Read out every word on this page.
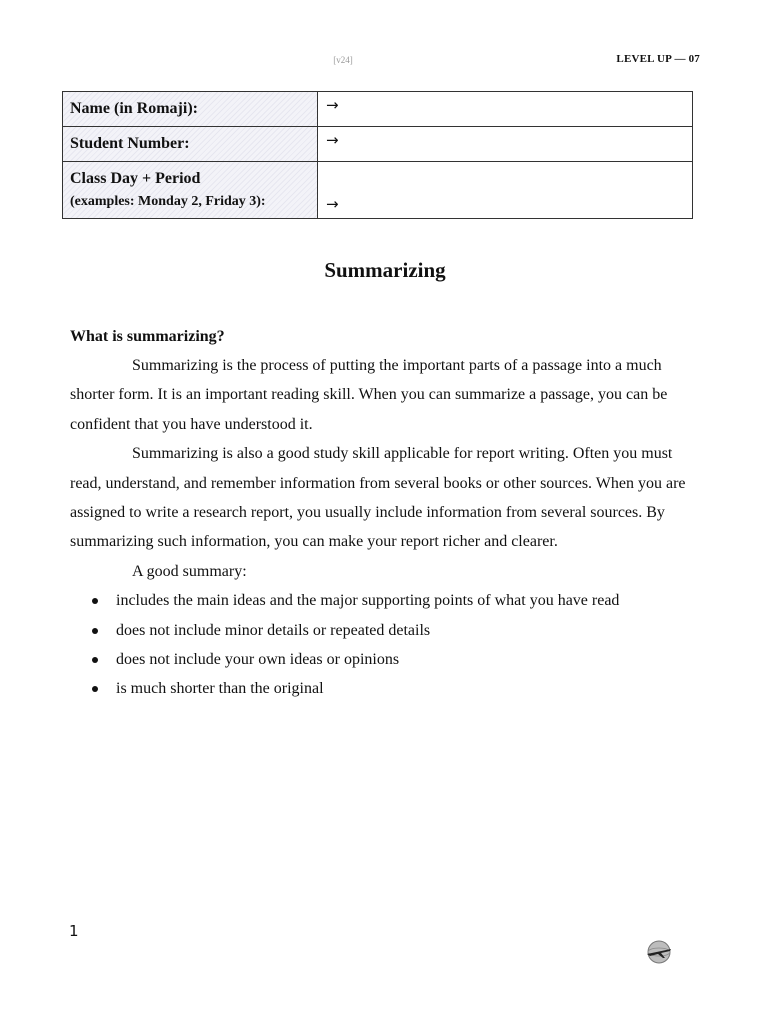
[v24]	LEVEL UP — 07
Name (in Romaji):	→
Student Number:	→
Class Day + Period
(examples: Monday 2, Friday 3):	→
Summarizing
What is summarizing?

Summarizing is the process of putting the important parts of a passage into a much shorter form. It is an important reading skill. When you can summarize a passage, you can be confident that you have understood it.

Summarizing is also a good study skill applicable for report writing. Often you must read, understand, and remember information from several books or other sources. When you are assigned to write a research report, you usually include information from several sources. By summarizing such information, you can make your report richer and clearer.

A good summary:

includes the main ideas and the major supporting points of what you have read
does not include minor details or repeated details
does not include your own ideas or opinions
is much shorter than the original
1
